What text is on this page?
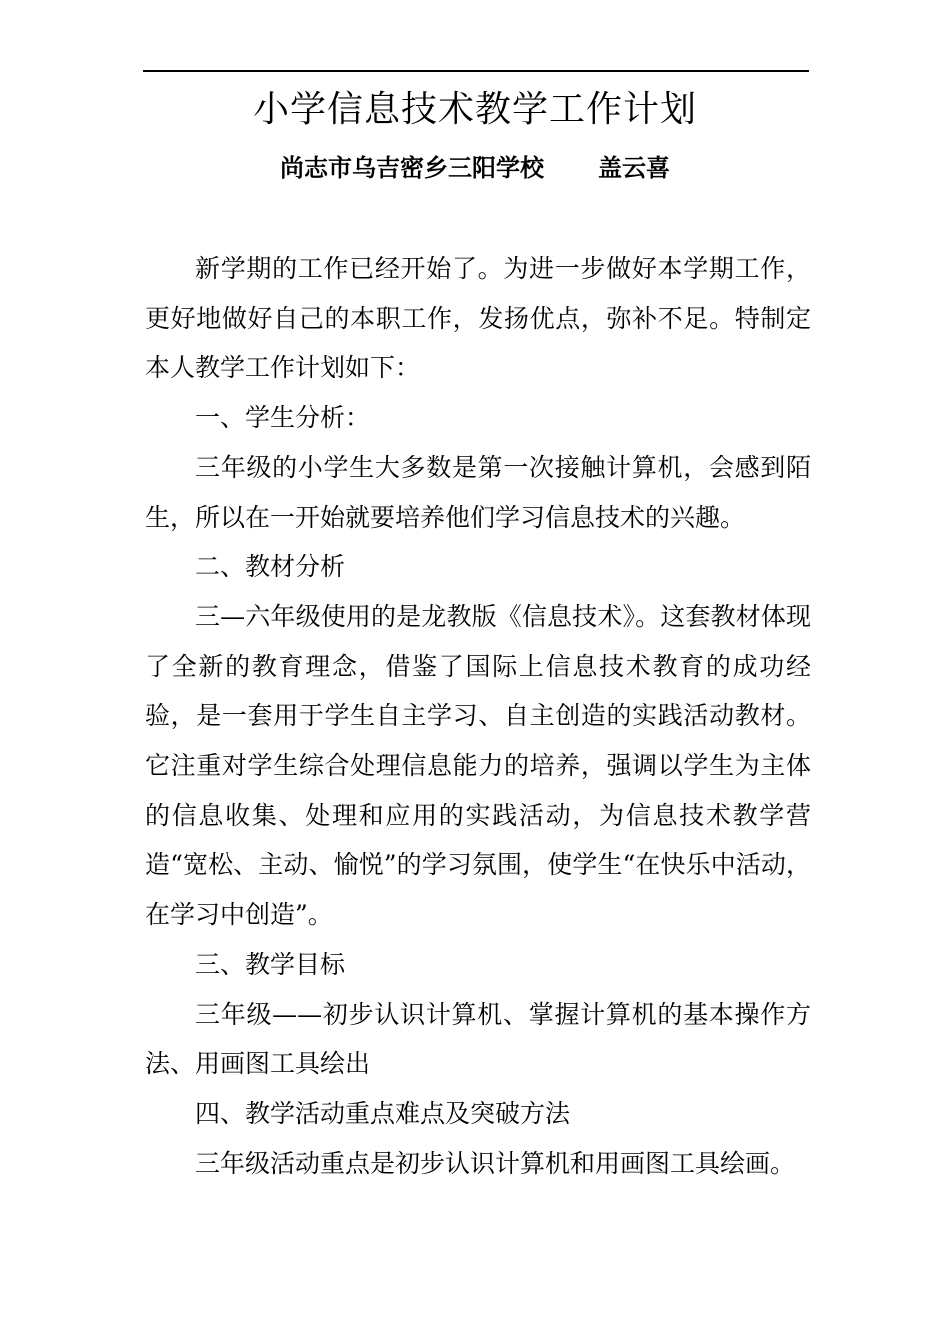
小学信息技术教学工作计划
尚志市乌吉密乡三阳学校 盖云喜

新学期的工作已经开始了。为进一步做好本学期工作，更好地做好自己的本职工作，发扬优点，弥补不足。特制定本人教学工作计划如下：

一、学生分析：

三年级的小学生大多数是第一次接触计算机，会感到陌生，所以在一开始就要培养他们学习信息技术的兴趣。

二、教材分析

三—六年级使用的是龙教版《信息技术》。这套教材体现了全新的教育理念，借鉴了国际上信息技术教育的成功经验，是一套用于学生自主学习、自主创造的实践活动教材。它注重对学生综合处理信息能力的培养，强调以学生为主体的信息收集、处理和应用的实践活动，为信息技术教学营造“宽松、主动、愉悦”的学习氛围，使学生“在快乐中活动，在学习中创造”。

三、教学目标

三年级——初步认识计算机、掌握计算机的基本操作方法、用画图工具绘出

四、教学活动重点难点及突破方法

三年级活动重点是初步认识计算机和用画图工具绘画。
